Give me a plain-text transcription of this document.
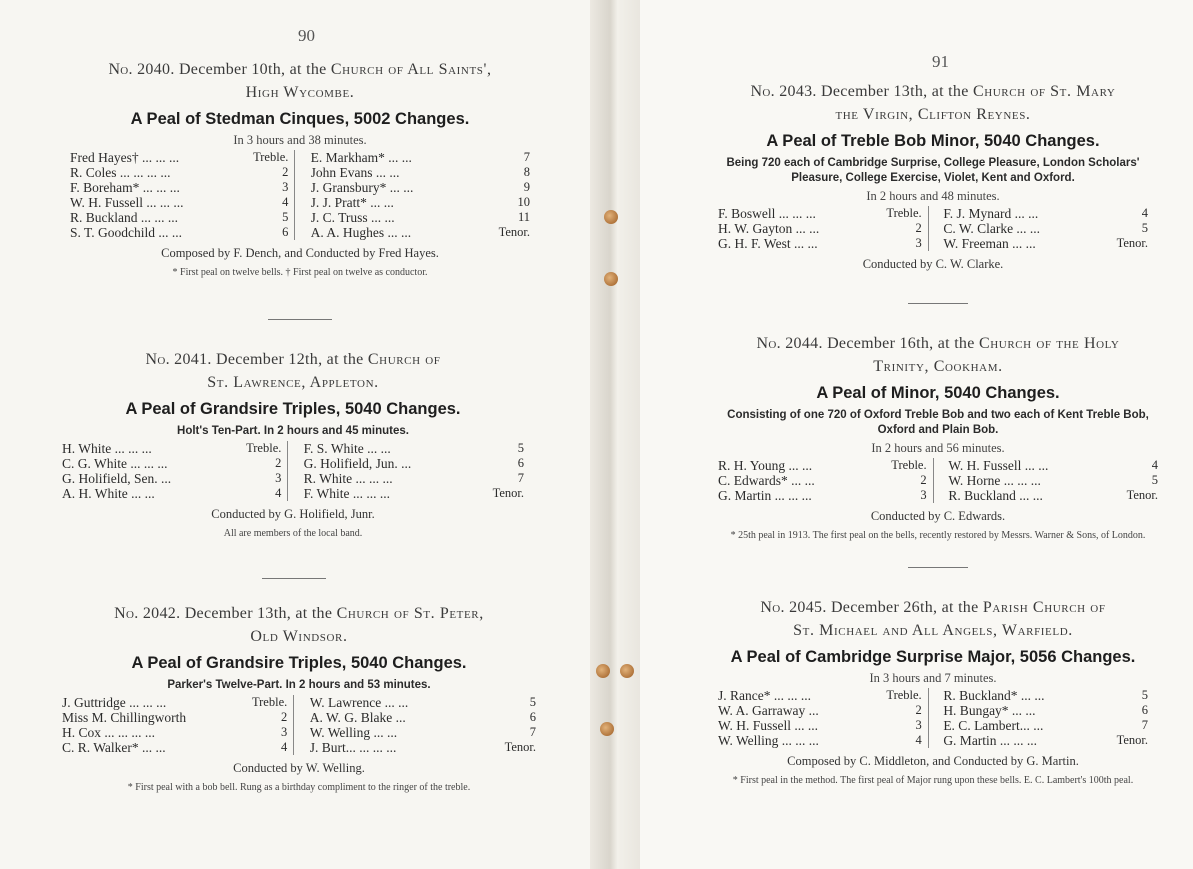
90
No. 2040. December 10th, at the Church of All Saints',
High Wycombe.
A Peal of Stedman Cinques, 5002 Changes.
In 3 hours and 38 minutes.
Fred Hayes† ... ... ...	Treble.
R. Coles ... ... ... ...	2
F. Boreham* ... ... ...	3
W. H. Fussell ... ... ...	4
R. Buckland ... ... ...	5
S. T. Goodchild ... ...	6
E. Markham* ... ...	7
John Evans ... ...	8
J. Gransbury* ... ...	9
J. J. Pratt* ... ...	10
J. C. Truss ... ...	11
A. A. Hughes ... ...	Tenor.
Composed by F. Dench, and Conducted by Fred Hayes.
* First peal on twelve bells. † First peal on twelve as conductor.
No. 2041. December 12th, at the Church of
St. Lawrence, Appleton.
A Peal of Grandsire Triples, 5040 Changes.
Holt's Ten-Part. In 2 hours and 45 minutes.
H. White ... ... ...	Treble.
C. G. White ... ... ...	2
G. Holifield, Sen. ...	3
A. H. White ... ...	4
F. S. White ... ...	5
G. Holifield, Jun. ...	6
R. White ... ... ...	7
F. White ... ... ...	Tenor.
Conducted by G. Holifield, Junr.
All are members of the local band.
No. 2042. December 13th, at the Church of St. Peter,
Old Windsor.
A Peal of Grandsire Triples, 5040 Changes.
Parker's Twelve-Part. In 2 hours and 53 minutes.
J. Guttridge ... ... ...	Treble.
Miss M. Chillingworth	2
H. Cox ... ... ... ...	3
C. R. Walker* ... ...	4
W. Lawrence ... ...	5
A. W. G. Blake ...	6
W. Welling ... ...	7
J. Burt... ... ... ...	Tenor.
Conducted by W. Welling.
* First peal with a bob bell. Rung as a birthday compliment to the ringer of the treble.
91
No. 2043. December 13th, at the Church of St. Mary
the Virgin, Clifton Reynes.
A Peal of Treble Bob Minor, 5040 Changes.
Being 720 each of Cambridge Surprise, College Pleasure, London Scholars' Pleasure, College Exercise, Violet, Kent and Oxford.
In 2 hours and 48 minutes.
F. Boswell ... ... ...	Treble.
H. W. Gayton ... ...	2
G. H. F. West ... ...	3
F. J. Mynard ... ...	4
C. W. Clarke ... ...	5
W. Freeman ... ...	Tenor.
Conducted by C. W. Clarke.
No. 2044. December 16th, at the Church of the Holy
Trinity, Cookham.
A Peal of Minor, 5040 Changes.
Consisting of one 720 of Oxford Treble Bob and two each of Kent Treble Bob, Oxford and Plain Bob.
In 2 hours and 56 minutes.
R. H. Young ... ...	Treble.
C. Edwards* ... ...	2
G. Martin ... ... ...	3
W. H. Fussell ... ...	4
W. Horne ... ... ...	5
R. Buckland ... ...	Tenor.
Conducted by C. Edwards.
* 25th peal in 1913. The first peal on the bells, recently restored by Messrs. Warner & Sons, of London.
No. 2045. December 26th, at the Parish Church of
St. Michael and All Angels, Warfield.
A Peal of Cambridge Surprise Major, 5056 Changes.
In 3 hours and 7 minutes.
J. Rance* ... ... ...	Treble.
W. A. Garraway ...	2
W. H. Fussell ... ...	3
W. Welling ... ... ...	4
R. Buckland* ... ...	5
H. Bungay* ... ...	6
E. C. Lambert... ...	7
G. Martin ... ... ...	Tenor.
Composed by C. Middleton, and Conducted by G. Martin.
* First peal in the method. The first peal of Major rung upon these bells. E. C. Lambert's 100th peal.
